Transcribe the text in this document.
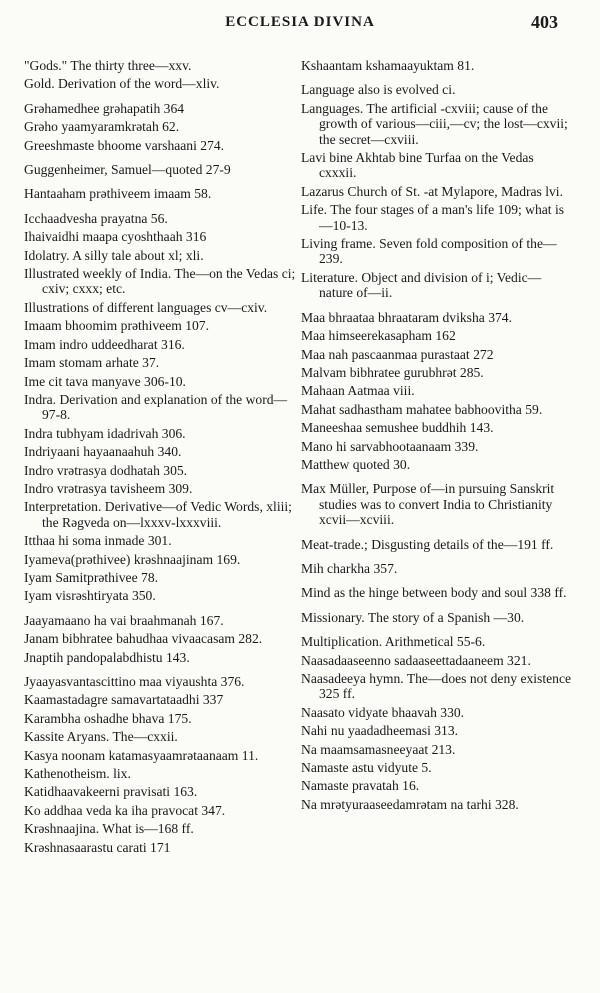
ECCLESIA DIVINA	403
"Gods." The thirty three—xxv.
Gold. Derivation of the word—xliv.
Grəhamedhee grəhapatih 364
Grəho yaamyaramkrətah 62.
Greeshmaste bhoome varshaani 274.
Guggenheimer, Samuel—quoted 27-9
Hantaaham prəthiveem imaam 58.
Icchaadvesha prayatna 56.
Ihaivaidhi maapa cyoshthaah 316
Idolatry. A silly tale about xl; xli.
Illustrated weekly of India. The—on the Vedas ci; cxiv; cxxx; etc.
Illustrations of different languages cv—cxiv.
Imaam bhoomim prəthiveem 107.
Imam indro uddeedharat 316.
Imam stomam arhate 37.
Ime cit tava manyave 306-10.
Indra. Derivation and explanation of the word—97-8.
Indra tubhyam idadrivah 306.
Indriyaani hayaanaahuh 340.
Indro vrətrasya dodhatah 305.
Indro vrətrasya tavisheem 309.
Interpretation. Derivative—of Vedic Words, xliii; the Rəgveda on—lxxxv-lxxxviii.
Itthaa hi soma inmade 301.
Iyameva(prəthivee) krəshnaajinam 169.
Iyam Samitprəthivee 78.
Iyam visrəshtiryata 350.
Jaayamaano ha vai braahmanah 167.
Janam bibhratee bahudhaa vivaacasam 282.
Jnaptih pandopalabdhistu 143.
Jyaayasvantascittino maa viyaushta 376.
Kaamastadagre samavartataadhi 337
Karambha oshadhe bhava 175.
Kassite Aryans. The—cxxii.
Kasya noonam katamasyaamrətaanaam 11.
Kathenotheism. lix.
Katidhaavakeerni pravisati 163.
Ko addhaa veda ka iha pravocat 347.
Krəshnaajina. What is—168 ff.
Krəshnasaarastu carati 171
Kshaantam kshamaayuktam 81.
Language also is evolved ci.
Languages. The artificial -cxviii; cause of the growth of various—ciii,—cv; the lost—cxvii; the secret—cxviii.
Lavi bine Akhtab bine Turfaa on the Vedas cxxxii.
Lazarus Church of St. -at Mylapore, Madras lvi.
Life. The four stages of a man's life 109; what is—10-13.
Living frame. Seven fold composition of the—239.
Literature. Object and division of i; Vedic—nature of—ii.
Maa bhraataa bhraataram dviksha 374.
Maa himseerekasapham 162
Maa nah pascaanmaa purastaat 272
Malvam bibhratee gurubhrət 285.
Mahaan Aatmaa viii.
Mahat sadhastham mahatee babhoovitha 59.
Maneeshaa semushee buddhih 143.
Mano hi sarvabhootaanaam 339.
Matthew quoted 30.
Max Müller, Purpose of—in pursuing Sanskrit studies was to convert India to Christianity xcvii—xcviii.
Meat-trade.; Disgusting details of the—191 ff.
Mih charkha 357.
Mind as the hinge between body and soul 338 ff.
Missionary. The story of a Spanish —30.
Multiplication. Arithmetical 55-6.
Naasadaaseenno sadaaseettadaaneem 321.
Naasadeeya hymn. The—does not deny existence 325 ff.
Naasato vidyate bhaavah 330.
Nahi nu yaadadheemasi 313.
Na maamsamasneeyaat 213.
Namaste astu vidyute 5.
Namaste pravatah 16.
Na mrətyuraaseedamrətam na tarhi 328.
